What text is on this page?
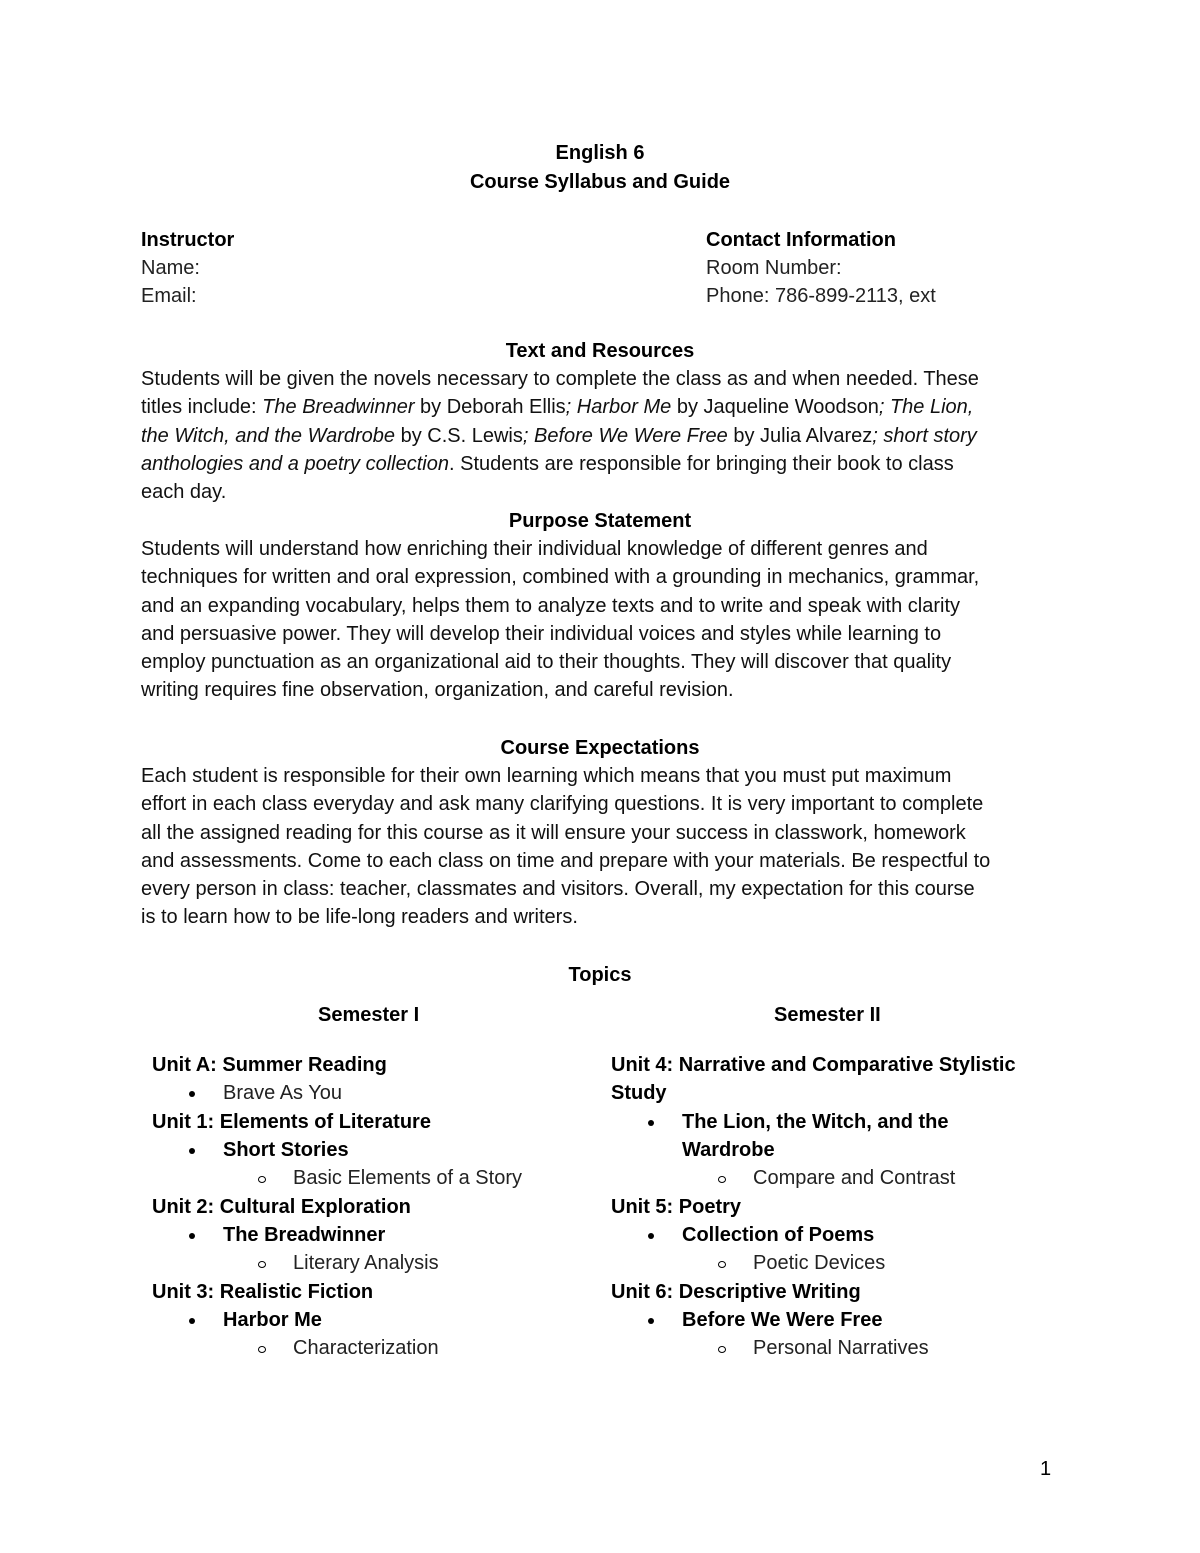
English 6
Course Syllabus and Guide
Instructor
Name:
Email:
Contact Information
Room Number:
Phone: 786-899-2113, ext
Text and Resources
Students will be given the novels necessary to complete the class as and when needed. These
titles include: The Breadwinner by Deborah Ellis; Harbor Me by Jaqueline Woodson; The Lion,
the Witch, and the Wardrobe by C.S. Lewis; Before We Were Free by Julia Alvarez; short story
anthologies and a poetry collection. Students are responsible for bringing their book to class
each day.
Purpose Statement
Students will understand how enriching their individual knowledge of different genres and
techniques for written and oral expression, combined with a grounding in mechanics, grammar,
and an expanding vocabulary, helps them to analyze texts and to write and speak with clarity
and persuasive power. They will develop their individual voices and styles while learning to
employ punctuation as an organizational aid to their thoughts. They will discover that quality
writing requires fine observation, organization, and careful revision.
Course Expectations
Each student is responsible for their own learning which means that you must put maximum
effort in each class everyday and ask many clarifying questions. It is very important to complete
all the assigned reading for this course as it will ensure your success in classwork, homework
and assessments. Come to each class on time and prepare with your materials. Be respectful to
every person in class: teacher, classmates and visitors. Overall, my expectation for this course
is to learn how to be life-long readers and writers.
Topics
Semester I	Semester II
Unit A: Summer Reading
Brave As You
Unit 1: Elements of Literature
Short Stories
Basic Elements of a Story
Unit 2: Cultural Exploration
The Breadwinner
Literary Analysis
Unit 3: Realistic Fiction
Harbor Me
Characterization
Unit 4: Narrative and Comparative Stylistic
Study
The Lion, the Witch, and the
Wardrobe
Compare and Contrast
Unit 5: Poetry
Collection of Poems
Poetic Devices
Unit 6: Descriptive Writing
Before We Were Free
Personal Narratives
1
